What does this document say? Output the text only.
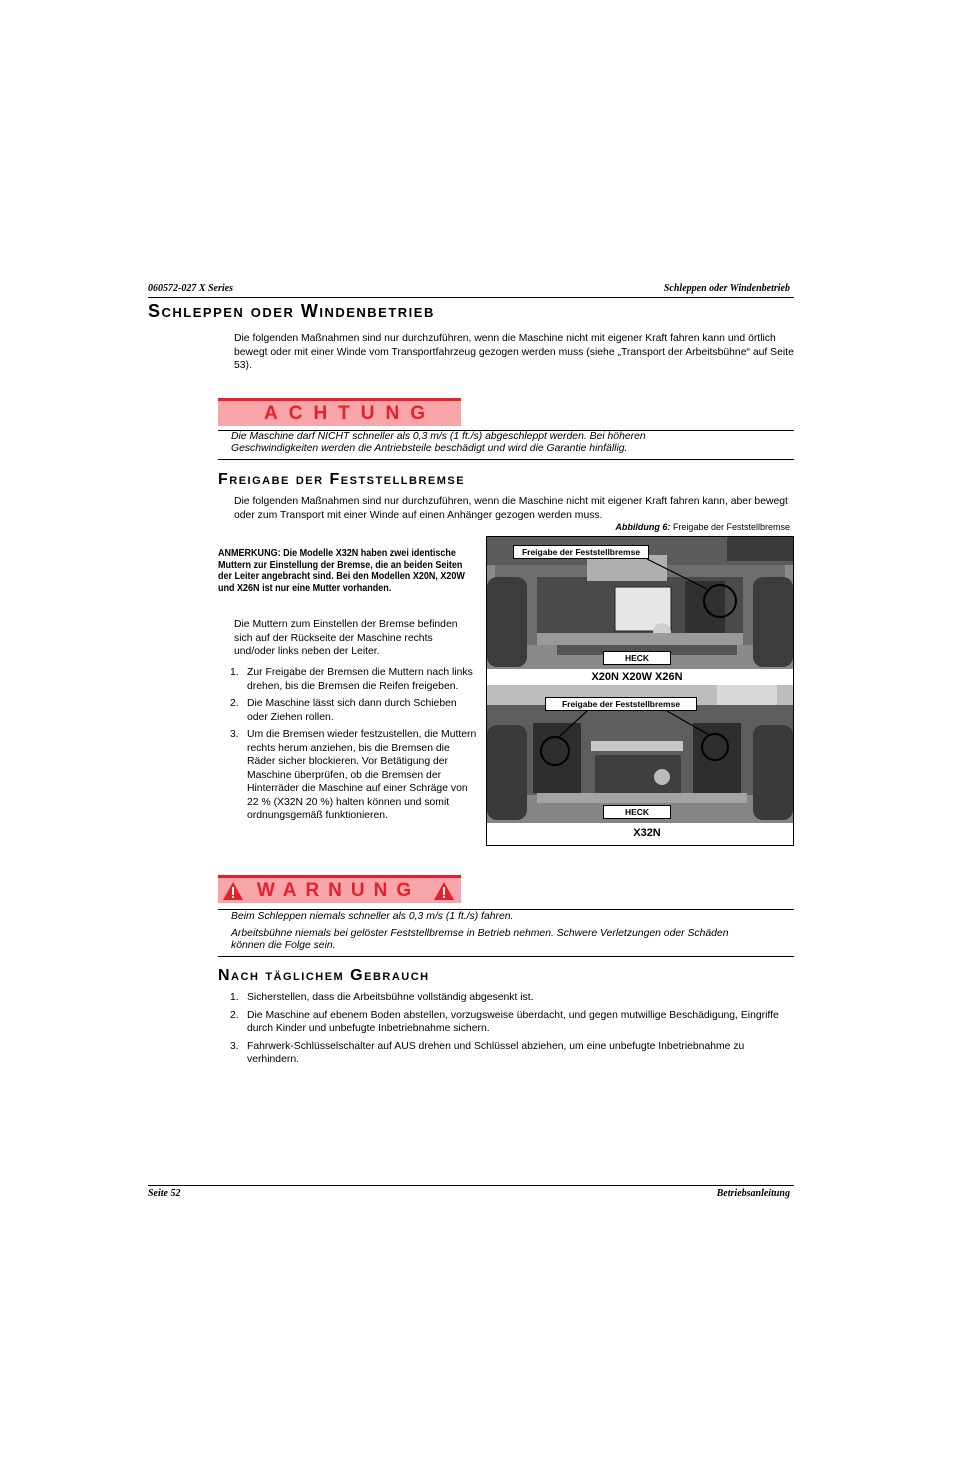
060572-027 X Series	Schleppen oder Windenbetrieb
Schleppen oder Windenbetrieb
Die folgenden Maßnahmen sind nur durchzuführen, wenn die Maschine nicht mit eigener Kraft fahren kann und örtlich bewegt oder mit einer Winde vom Transportfahrzeug gezogen werden muss (siehe „Transport der Arbeitsbühne“ auf Seite 53).
ACHTUNG
Die Maschine darf NICHT schneller als 0,3 m/s (1 ft./s) abgeschleppt werden. Bei höheren Geschwindigkeiten werden die Antriebsteile beschädigt und wird die Garantie hinfällig.
Freigabe der Feststellbremse
Die folgenden Maßnahmen sind nur durchzuführen, wenn die Maschine nicht mit eigener Kraft fahren kann, aber bewegt oder zum Transport mit einer Winde auf einen Anhänger gezogen werden muss.
Abbildung 6: Freigabe der Feststellbremse
Freigabe der Feststellbremse
HECK
X20N X20W X26N
Freigabe der Feststellbremse
HECK
X32N
ANMERKUNG: Die Modelle X32N haben zwei identische Muttern zur Einstellung der Bremse, die an beiden Seiten der Leiter angebracht sind. Bei den Modellen X20N, X20W und X26N ist nur eine Mutter vorhanden.
Die Muttern zum Einstellen der Bremse befinden sich auf der Rückseite der Maschine rechts und/oder links neben der Leiter.
1. Zur Freigabe der Bremsen die Muttern nach links drehen, bis die Bremsen die Reifen freigeben.
2. Die Maschine lässt sich dann durch Schieben oder Ziehen rollen.
3. Um die Bremsen wieder festzustellen, die Muttern rechts herum anziehen, bis die Bremsen die Räder sicher blockieren. Vor Betätigung der Maschine überprüfen, ob die Bremsen der Hinterräder die Maschine auf einer Schräge von 22 % (X32N 20 %) halten können und somit ordnungsgemäß funktionieren.
WARNUNG
Beim Schleppen niemals schneller als 0,3 m/s (1 ft./s) fahren.
Arbeitsbühne niemals bei gelöster Feststellbremse in Betrieb nehmen. Schwere Verletzungen oder Schäden können die Folge sein.
Nach täglichem Gebrauch
1. Sicherstellen, dass die Arbeitsbühne vollständig abgesenkt ist.
2. Die Maschine auf ebenem Boden abstellen, vorzugsweise überdacht, und gegen mutwillige Beschädigung, Eingriffe durch Kinder und unbefugte Inbetriebnahme sichern.
3. Fahrwerk-Schlüsselschalter auf AUS drehen und Schlüssel abziehen, um eine unbefugte Inbetriebnahme zu verhindern.
Seite 52	Betriebsanleitung
